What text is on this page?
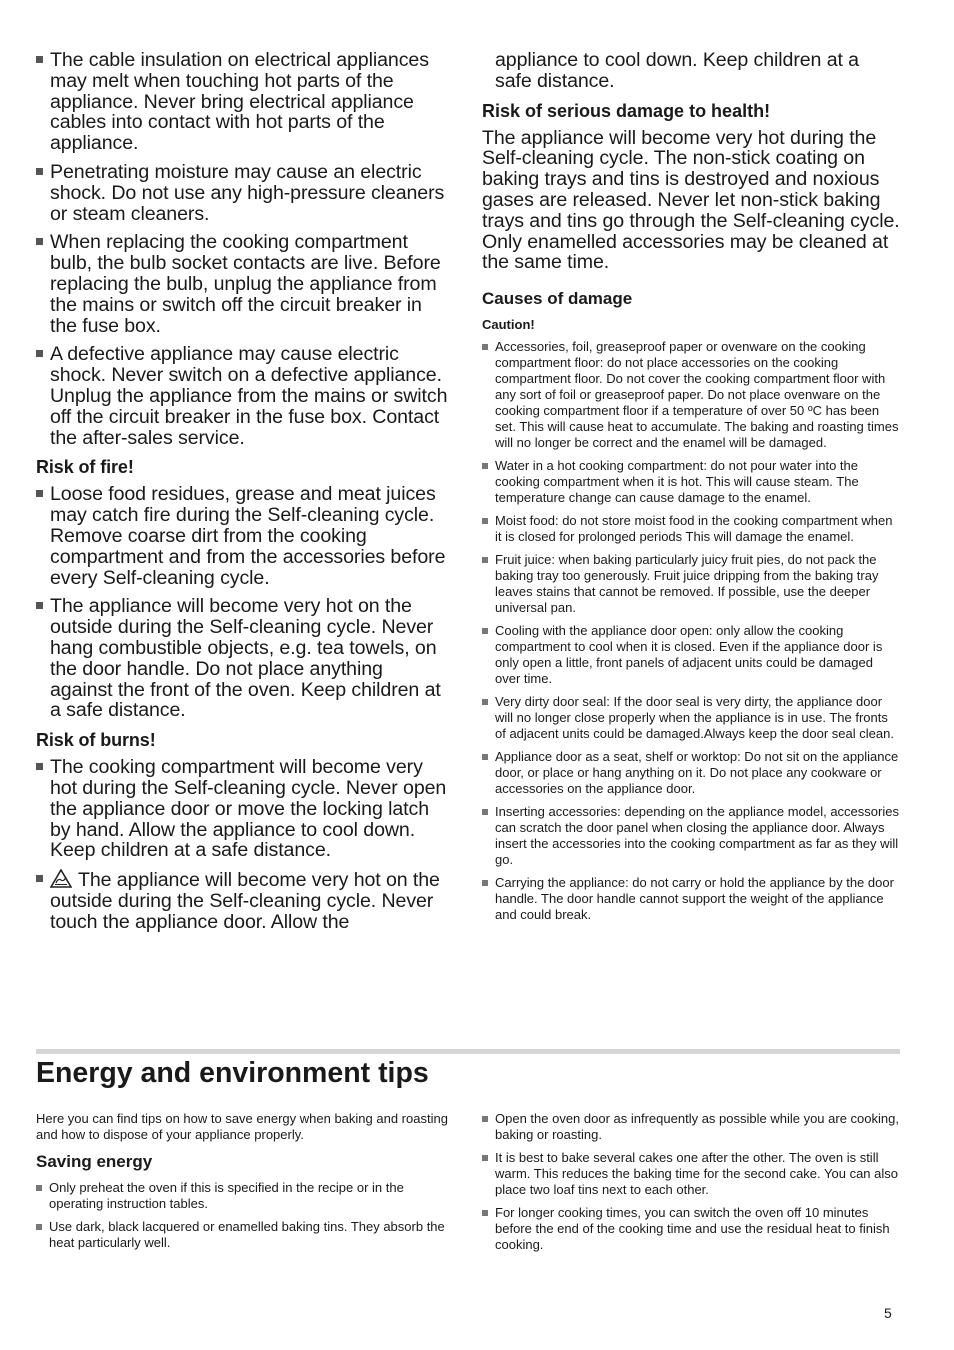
The cable insulation on electrical appliances may melt when touching hot parts of the appliance. Never bring electrical appliance cables into contact with hot parts of the appliance.
Penetrating moisture may cause an electric shock. Do not use any high-pressure cleaners or steam cleaners.
When replacing the cooking compartment bulb, the bulb socket contacts are live. Before replacing the bulb, unplug the appliance from the mains or switch off the circuit breaker in the fuse box.
A defective appliance may cause electric shock. Never switch on a defective appliance. Unplug the appliance from the mains or switch off the circuit breaker in the fuse box. Contact the after-sales service.
Risk of fire!
Loose food residues, grease and meat juices may catch fire during the Self-cleaning cycle. Remove coarse dirt from the cooking compartment and from the accessories before every Self-cleaning cycle.
The appliance will become very hot on the outside during the Self-cleaning cycle. Never hang combustible objects, e.g. tea towels, on the door handle. Do not place anything against the front of the oven. Keep children at a safe distance.
Risk of burns!
The cooking compartment will become very hot during the Self-cleaning cycle. Never open the appliance door or move the locking latch by hand. Allow the appliance to cool down. Keep children at a safe distance.
The appliance will become very hot on the outside during the Self-cleaning cycle. Never touch the appliance door. Allow the
appliance to cool down. Keep children at a safe distance.
Risk of serious damage to health!

The appliance will become very hot during the Self-cleaning cycle. The non-stick coating on baking trays and tins is destroyed and noxious gases are released. Never let non-stick baking trays and tins go through the Self-cleaning cycle. Only enamelled accessories may be cleaned at the same time.

Causes of damage
Caution!
Accessories, foil, greaseproof paper or ovenware on the cooking compartment floor: do not place accessories on the cooking compartment floor. Do not cover the cooking compartment floor with any sort of foil or greaseproof paper. Do not place ovenware on the cooking compartment floor if a temperature of over 50 ºC has been set. This will cause heat to accumulate. The baking and roasting times will no longer be correct and the enamel will be damaged.
Water in a hot cooking compartment: do not pour water into the cooking compartment when it is hot. This will cause steam. The temperature change can cause damage to the enamel.
Moist food: do not store moist food in the cooking compartment when it is closed for prolonged periods This will damage the enamel.
Fruit juice: when baking particularly juicy fruit pies, do not pack the baking tray too generously. Fruit juice dripping from the baking tray leaves stains that cannot be removed. If possible, use the deeper universal pan.
Cooling with the appliance door open: only allow the cooking compartment to cool when it is closed. Even if the appliance door is only open a little, front panels of adjacent units could be damaged over time.
Very dirty door seal: If the door seal is very dirty, the appliance door will no longer close properly when the appliance is in use. The fronts of adjacent units could be damaged.Always keep the door seal clean.
Appliance door as a seat, shelf or worktop: Do not sit on the appliance door, or place or hang anything on it. Do not place any cookware or accessories on the appliance door.
Inserting accessories: depending on the appliance model, accessories can scratch the door panel when closing the appliance door. Always insert the accessories into the cooking compartment as far as they will go.
Carrying the appliance: do not carry or hold the appliance by the door handle. The door handle cannot support the weight of the appliance and could break.
Energy and environment tips

Here you can find tips on how to save energy when baking and roasting and how to dispose of your appliance properly.

Saving energy
Only preheat the oven if this is specified in the recipe or in the operating instruction tables.
Use dark, black lacquered or enamelled baking tins. They absorb the heat particularly well.
Open the oven door as infrequently as possible while you are cooking, baking or roasting.
It is best to bake several cakes one after the other. The oven is still warm. This reduces the baking time for the second cake. You can also place two loaf tins next to each other.
For longer cooking times, you can switch the oven off 10 minutes before the end of the cooking time and use the residual heat to finish cooking.
5
